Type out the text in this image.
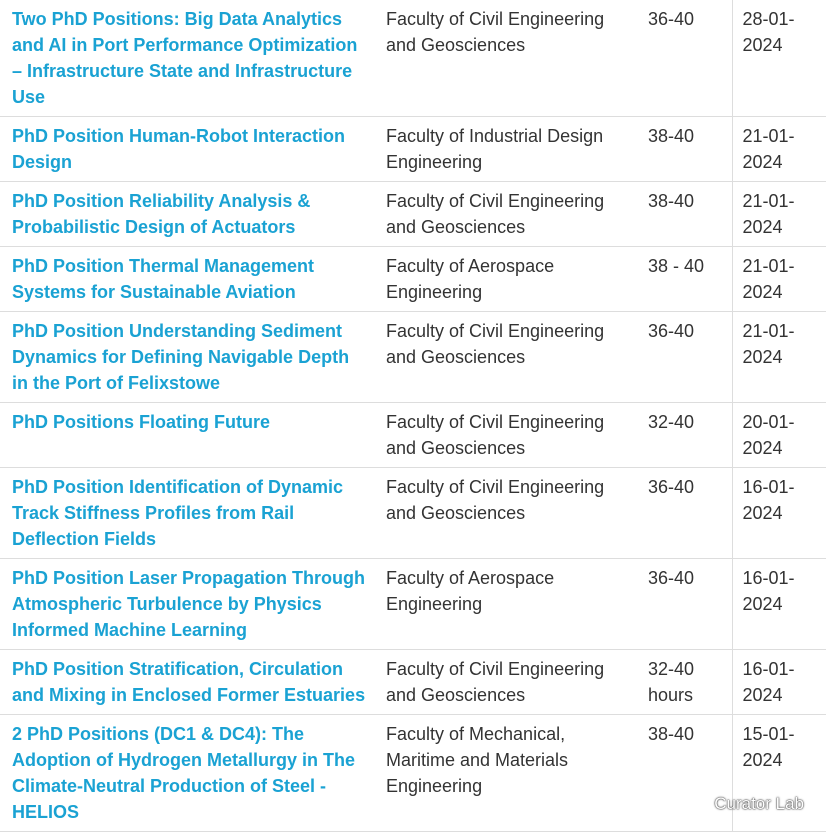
Two PhD Positions: Big Data Analytics and AI in Port Performance Optimization – Infrastructure State and Infrastructure Use	Faculty of Civil Engineering and Geosciences	36-40	28-01-2024
PhD Position Human-Robot Interaction Design	Faculty of Industrial Design Engineering	38-40	21-01-2024
PhD Position Reliability Analysis & Probabilistic Design of Actuators	Faculty of Civil Engineering and Geosciences	38-40	21-01-2024
PhD Position Thermal Management Systems for Sustainable Aviation	Faculty of Aerospace Engineering	38 - 40	21-01-2024
PhD Position Understanding Sediment Dynamics for Defining Navigable Depth in the Port of Felixstowe	Faculty of Civil Engineering and Geosciences	36-40	21-01-2024
PhD Positions Floating Future	Faculty of Civil Engineering and Geosciences	32-40	20-01-2024
PhD Position Identification of Dynamic Track Stiffness Profiles from Rail Deflection Fields	Faculty of Civil Engineering and Geosciences	36-40	16-01-2024
PhD Position Laser Propagation Through Atmospheric Turbulence by Physics Informed Machine Learning	Faculty of Aerospace Engineering	36-40	16-01-2024
PhD Position Stratification, Circulation and Mixing in Enclosed Former Estuaries	Faculty of Civil Engineering and Geosciences	32-40 hours	16-01-2024
2 PhD Positions (DC1 & DC4): The Adoption of Hydrogen Metallurgy in The Climate-Neutral Production of Steel - HELIOS	Faculty of Mechanical, Maritime and Materials Engineering	38-40	15-01-2024
Curator Lab
